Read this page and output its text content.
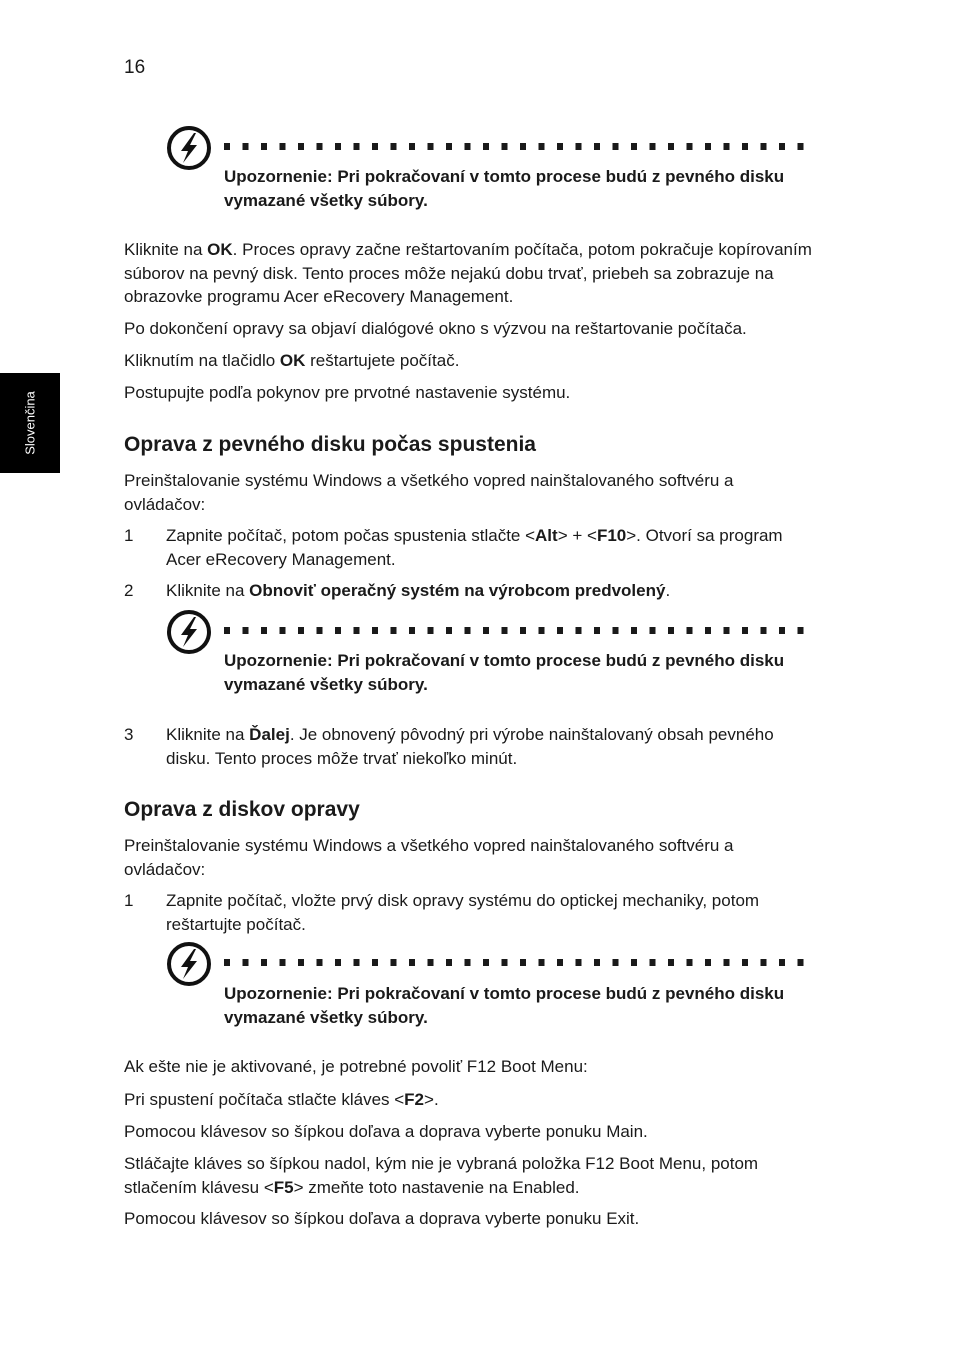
16
Slovenčina
Upozornenie: Pri pokračovaní v tomto procese budú z pevného disku vymazané všetky súbory.

Kliknite na OK. Proces opravy začne reštartovaním počítača, potom pokračuje kopírovaním súborov na pevný disk. Tento proces môže nejakú dobu trvať, priebeh sa zobrazuje na obrazovke programu Acer eRecovery Management.

Po dokončení opravy sa objaví dialógové okno s výzvou na reštartovanie počítača.

Kliknutím na tlačidlo OK reštartujete počítač.

Postupujte podľa pokynov pre prvotné nastavenie systému.

Oprava z pevného disku počas spustenia

Preinštalovanie systému Windows a všetkého vopred nainštalovaného softvéru a ovládačov:

1 Zapnite počítač, potom počas spustenia stlačte <Alt> + <F10>. Otvorí sa program Acer eRecovery Management.
2 Kliknite na Obnoviť operačný systém na výrobcom predvolený.
Upozornenie: Pri pokračovaní v tomto procese budú z pevného disku vymazané všetky súbory.
3 Kliknite na Ďalej. Je obnovený pôvodný pri výrobe nainštalovaný obsah pevného disku. Tento proces môže trvať niekoľko minút.
Oprava z diskov opravy

Preinštalovanie systému Windows a všetkého vopred nainštalovaného softvéru a ovládačov:

1 Zapnite počítač, vložte prvý disk opravy systému do optickej mechaniky, potom reštartujte počítač.
Upozornenie: Pri pokračovaní v tomto procese budú z pevného disku vymazané všetky súbory.

Ak ešte nie je aktivované, je potrebné povoliť F12 Boot Menu:

Pri spustení počítača stlačte kláves <F2>.

Pomocou klávesov so šípkou doľava a doprava vyberte ponuku Main.

Stláčajte kláves so šípkou nadol, kým nie je vybraná položka F12 Boot Menu, potom stlačením klávesu <F5> zmeňte toto nastavenie na Enabled.

Pomocou klávesov so šípkou doľava a doprava vyberte ponuku Exit.
